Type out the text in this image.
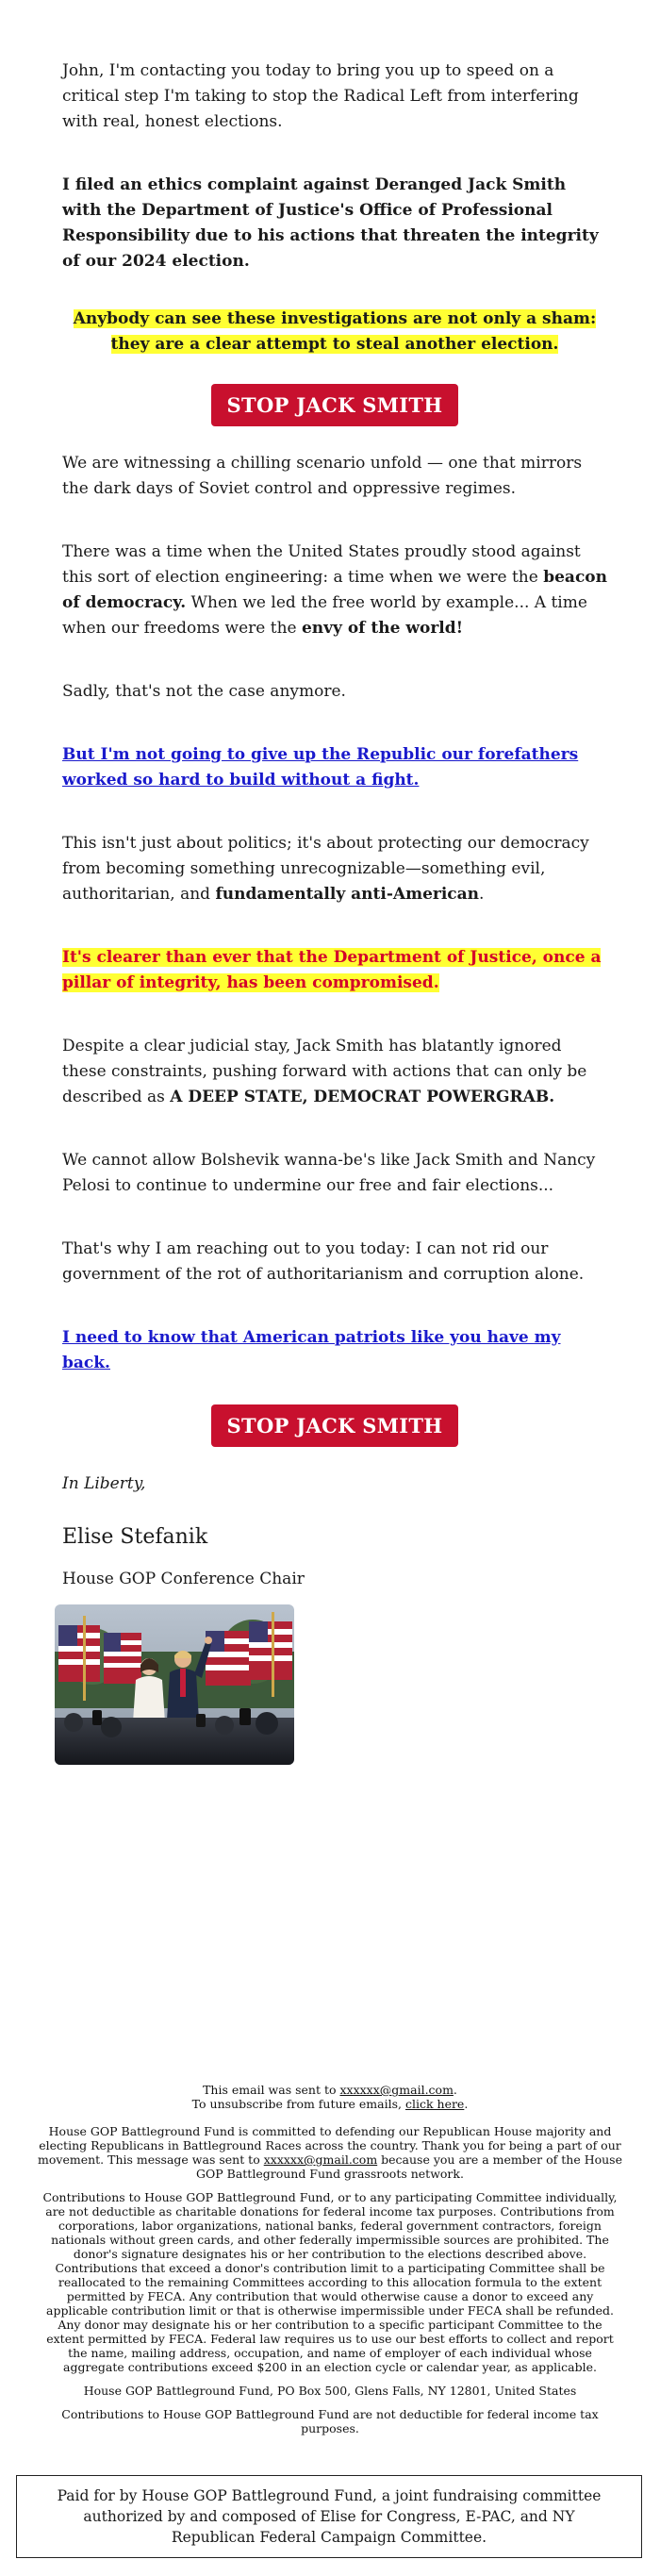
John, I'm contacting you today to bring you up to speed on a critical step I'm taking to stop the Radical Left from interfering with real, honest elections.

I filed an ethics complaint against Deranged Jack Smith with the Department of Justice's Office of Professional Responsibility due to his actions that threaten the integrity of our 2024 election.

Anybody can see these investigations are not only a sham: they are a clear attempt to steal another election.

STOP JACK SMITH

We are witnessing a chilling scenario unfold — one that mirrors the dark days of Soviet control and oppressive regimes.

There was a time when the United States proudly stood against this sort of election engineering: a time when we were the beacon of democracy. When we led the free world by example... A time when our freedoms were the envy of the world!

Sadly, that's not the case anymore.

But I'm not going to give up the Republic our forefathers worked so hard to build without a fight.

This isn't just about politics; it's about protecting our democracy from becoming something unrecognizable—something evil, authoritarian, and fundamentally anti-American.

It's clearer than ever that the Department of Justice, once a pillar of integrity, has been compromised.

Despite a clear judicial stay, Jack Smith has blatantly ignored these constraints, pushing forward with actions that can only be described as A DEEP STATE, DEMOCRAT POWERGRAB.

We cannot allow Bolshevik wanna-be's like Jack Smith and Nancy Pelosi to continue to undermine our free and fair elections...

That's why I am reaching out to you today: I can not rid our government of the rot of authoritarianism and corruption alone.

I need to know that American patriots like you have my back.

STOP JACK SMITH

In Liberty,

Elise Stefanik

House GOP Conference Chair

This email was sent to xxxxxx@gmail.com.

To unsubscribe from future emails, click here.

House GOP Battleground Fund is committed to defending our Republican House majority and electing Republicans in Battleground Races across the country. Thank you for being a part of our movement. This message was sent to xxxxxx@gmail.com because you are a member of the House GOP Battleground Fund grassroots network.

Contributions to House GOP Battleground Fund, or to any participating Committee individually, are not deductible as charitable donations for federal income tax purposes. Contributions from corporations, labor organizations, national banks, federal government contractors, foreign nationals without green cards, and other federally impermissible sources are prohibited. The donor's signature designates his or her contribution to the elections described above. Contributions that exceed a donor's contribution limit to a participating Committee shall be reallocated to the remaining Committees according to this allocation formula to the extent permitted by FECA. Any contribution that would otherwise cause a donor to exceed any applicable contribution limit or that is otherwise impermissible under FECA shall be refunded. Any donor may designate his or her contribution to a specific participant Committee to the extent permitted by FECA. Federal law requires us to use our best efforts to collect and report the name, mailing address, occupation, and name of employer of each individual whose aggregate contributions exceed $200 in an election cycle or calendar year, as applicable.

House GOP Battleground Fund, PO Box 500, Glens Falls, NY 12801, United States

Contributions to House GOP Battleground Fund are not deductible for federal income tax purposes.

Paid for by House GOP Battleground Fund, a joint fundraising committee authorized by and composed of Elise for Congress, E-PAC, and NY Republican Federal Campaign Committee.
